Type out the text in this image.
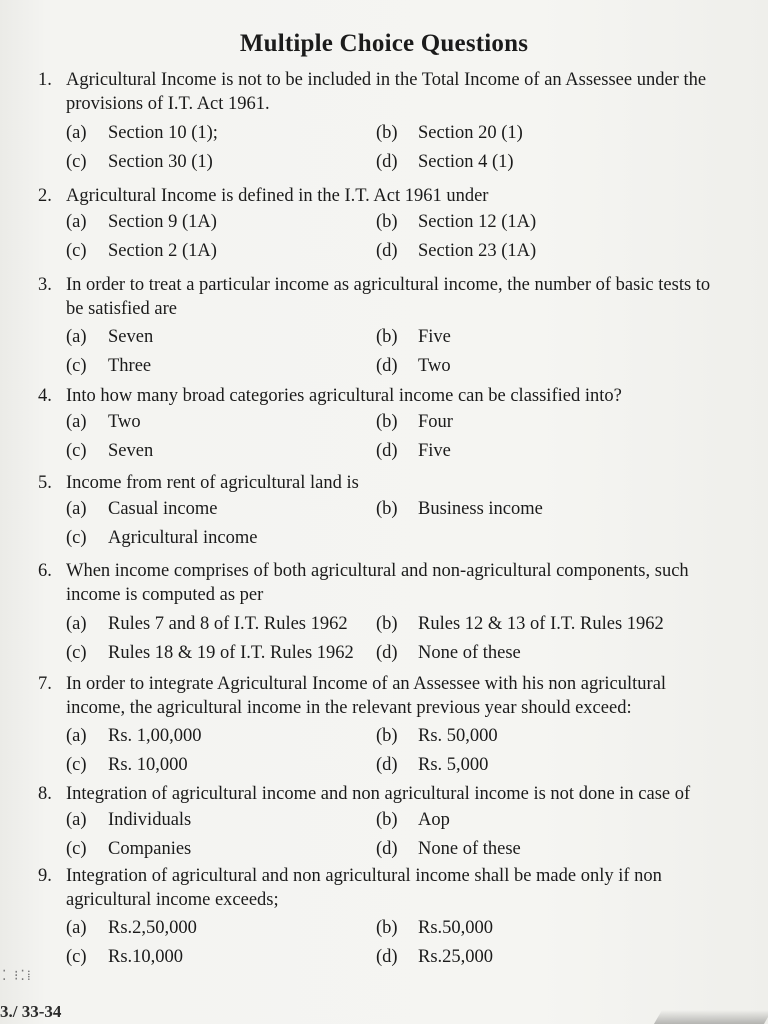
Multiple Choice Questions
1. Agricultural Income is not to be included in the Total Income of an Assessee under the provisions of I.T. Act 1961.
(a)	Section 10 (1);	(b)	Section 20 (1)
(c)	Section 30 (1)	(d)	Section 4 (1)
2. Agricultural Income is defined in the I.T. Act 1961 under
(a)	Section 9 (1A)	(b)	Section 12 (1A)
(c)	Section 2 (1A)	(d)	Section 23 (1A)
3. In order to treat a particular income as agricultural income, the number of basic tests to be satisfied are
(a)	Seven	(b)	Five
(c)	Three	(d)	Two
4. Into how many broad categories agricultural income can be classified into?
(a)	Two	(b)	Four
(c)	Seven	(d)	Five
5. Income from rent of agricultural land is
(a)	Casual income	(b)	Business income
(c)	Agricultural income
6. When income comprises of both agricultural and non-agricultural components, such income is computed as per
(a)	Rules 7 and 8 of I.T. Rules 1962 (b)	Rules 12 & 13 of I.T. Rules 1962
(c)	Rules 18 & 19 of I.T. Rules 1962 (d)	None of these
7. In order to integrate Agricultural Income of an Assessee with his non agricultural income, the agricultural income in the relevant previous year should exceed:
(a)	Rs. 1,00,000	(b)	Rs. 50,000
(c)	Rs. 10,000	(d)	Rs. 5,000
8. Integration of agricultural income and non agricultural income is not done in case of
(a)	Individuals	(b)	Aop
(c)	Companies	(d)	None of these
9. Integration of agricultural and non agricultural income shall be made only if non agricultural income exceeds;
(a)	Rs.2,50,000	(b)	Rs.50,000
(c)	Rs.10,000	(d)	Rs.25,000
⁚ ⁝⁚⁞
3./ 33-34
